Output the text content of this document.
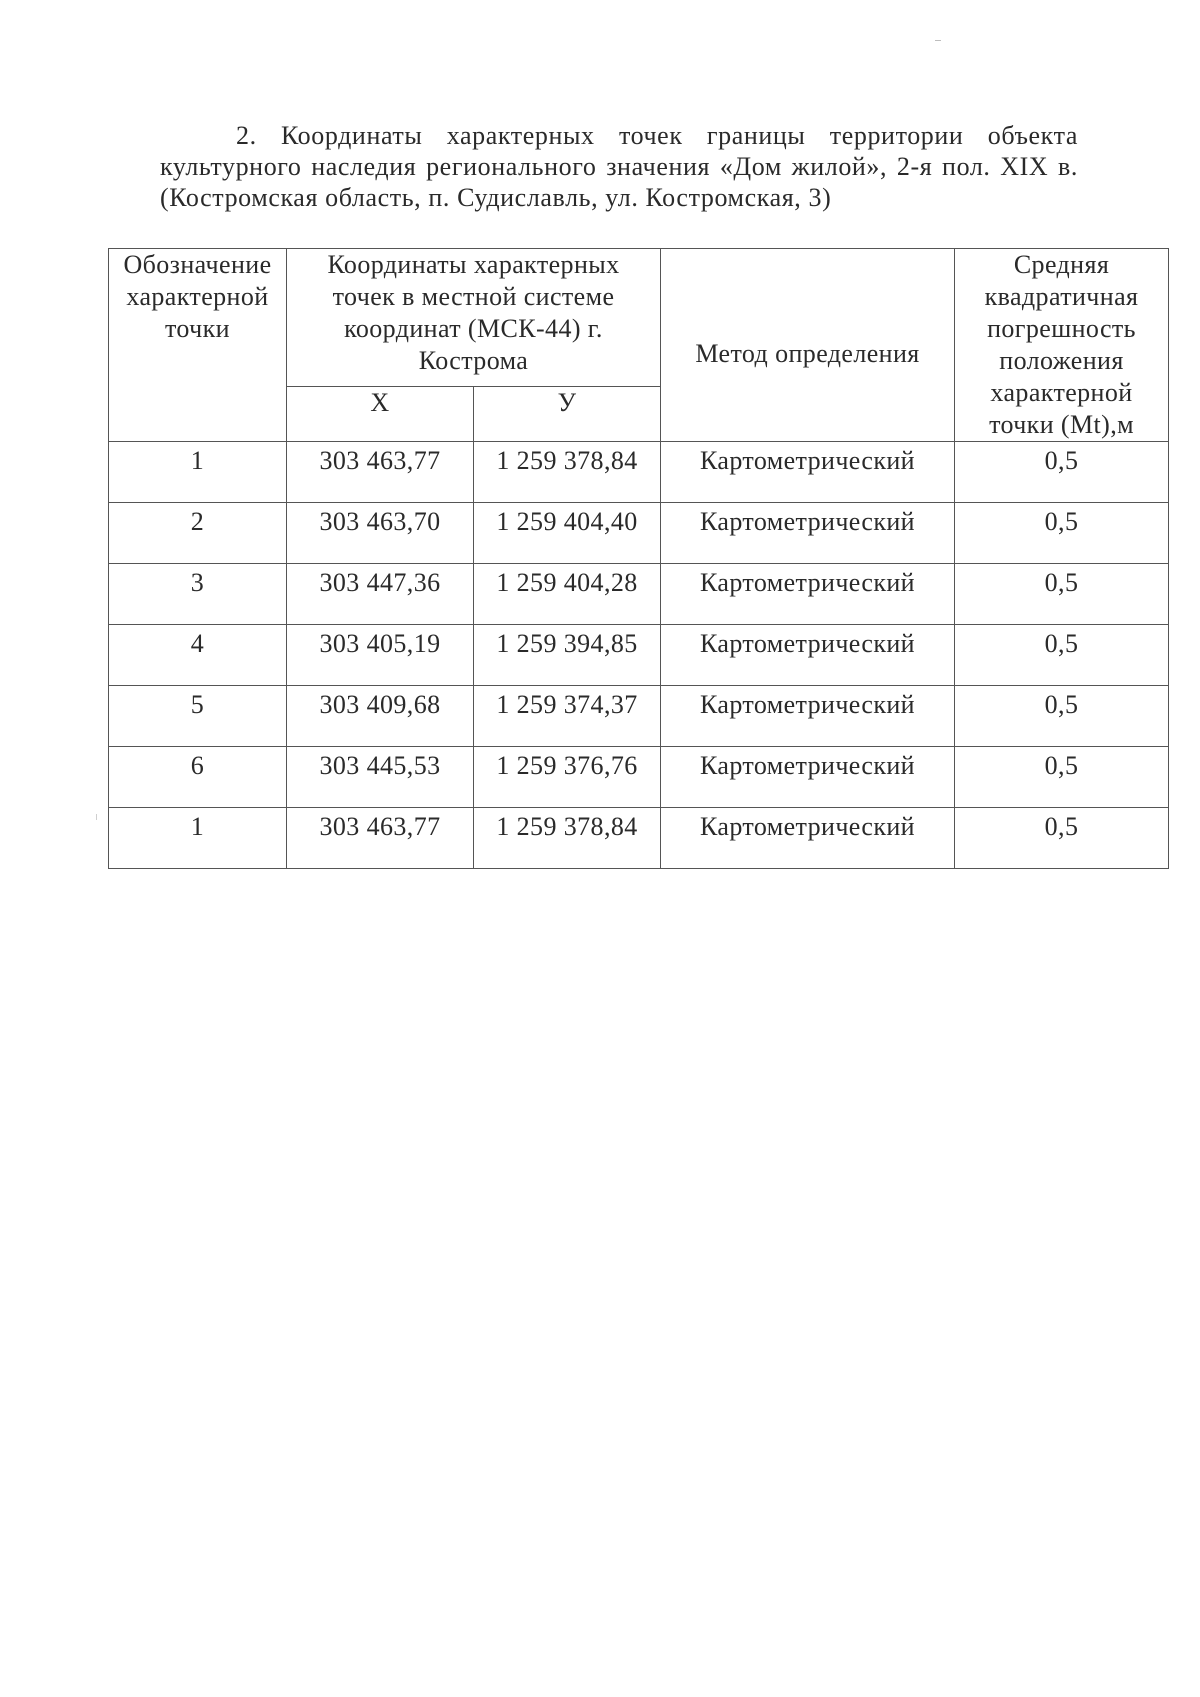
2. Координаты характерных точек границы территории объекта культурного наследия регионального значения «Дом жилой», 2-я пол. XIX в. (Костромская область, п. Судиславль, ул. Костромская, 3)

Обозначение характерной точки	Координаты характерных точек в местной системе координат (МСК-44) г. Кострома		Метод определения	Средняя квадратичная погрешность положения характерной точки (Mt),м

	Х	У		
1	303 463,77	1 259 378,84	Картометрический	0,5
2	303 463,70	1 259 404,40	Картометрический	0,5
3	303 447,36	1 259 404,28	Картометрический	0,5
4	303 405,19	1 259 394,85	Картометрический	0,5
5	303 409,68	1 259 374,37	Картометрический	0,5
6	303 445,53	1 259 376,76	Картометрический	0,5
1	303 463,77	1 259 378,84	Картометрический	0,5
